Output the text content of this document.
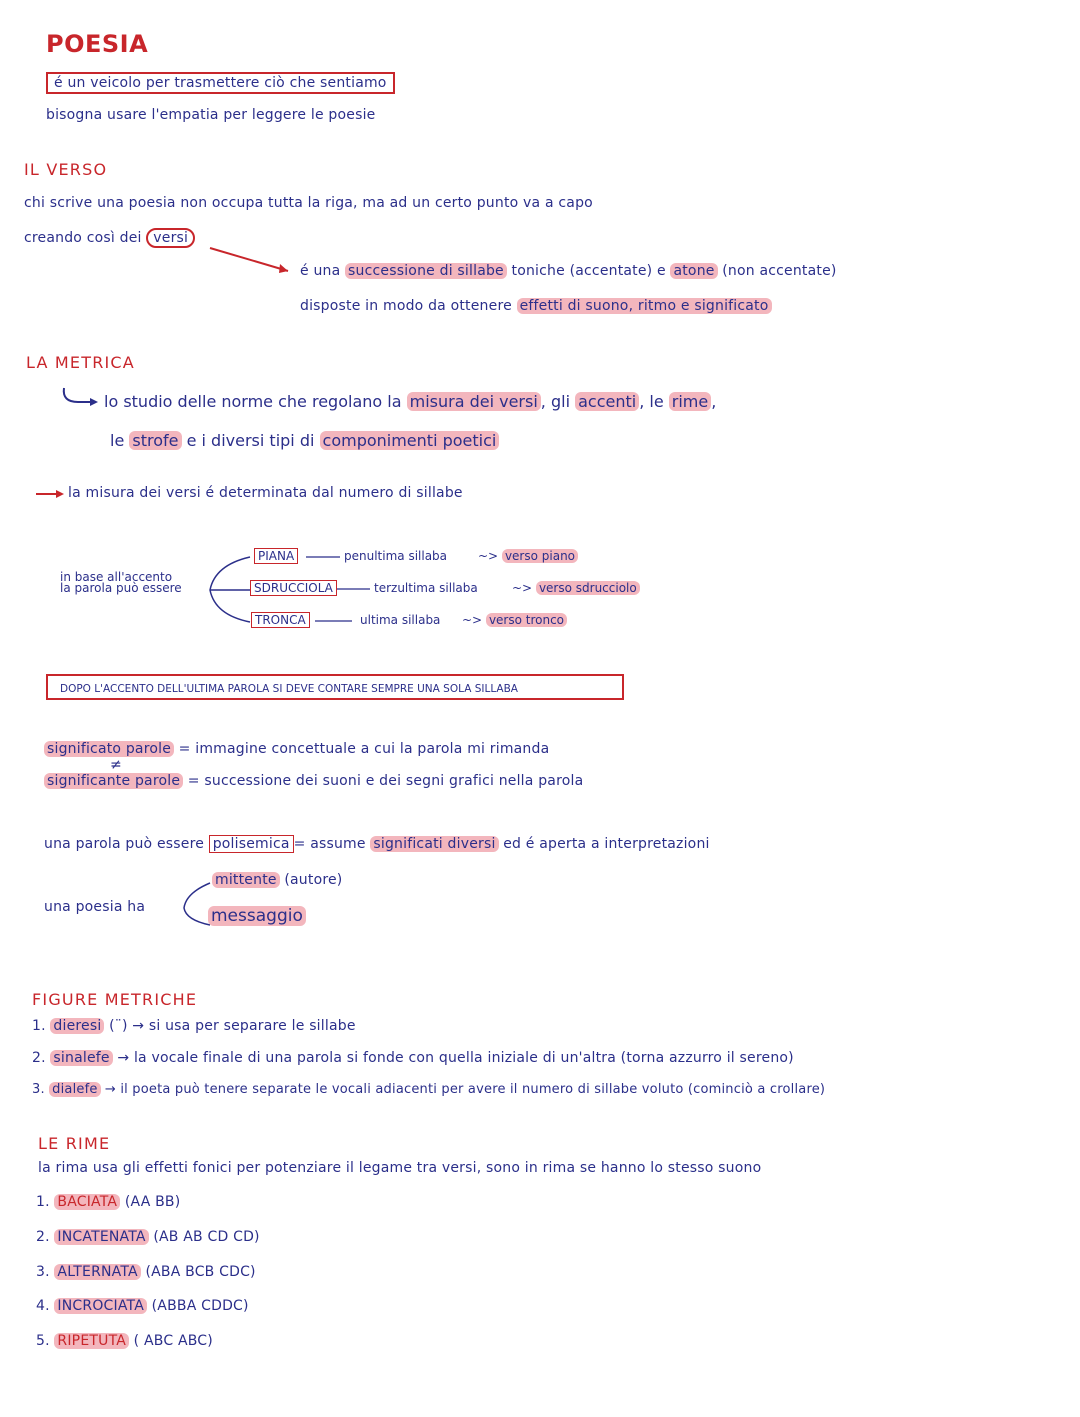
POESIA
é un veicolo per trasmettere ciò che sentiamo
bisogna usare l'empatia per leggere le poesie
IL VERSO
chi scrive una poesia non occupa tutta la riga, ma ad un certo punto va a capo
creando così dei versi
é una successione di sillabe toniche (accentate) e atone (non accentate)
disposte in modo da ottenere effetti di suono, ritmo e significato
LA METRICA
lo studio delle norme che regolano la misura dei versi , gli accenti , le rime ,
le strofe e i diversi tipi di componimenti poetici
la misura dei versi é determinata dal numero di sillabe
in base all'accento
la parola può essere
PIANA	penultima sillaba	~> verso piano
SDRUCCIOLA	terzultima sillaba	~> verso sdrucciolo
TRONCA	ultima sillaba ~> verso tronco
DOPO L'ACCENTO DELL'ULTIMA PAROLA SI DEVE CONTARE SEMPRE UNA SOLA SILLABA
significato parole = immagine concettuale a cui la parola mi rimanda
≠
significante parole = successione dei suoni e dei segni grafici nella parola
una parola può essere polisemica = assume significati diversi ed é aperta a interpretazioni
una poesia ha
mittente (autore)
messaggio
FIGURE METRICHE
1. dieresi (¨) → si usa per separare le sillabe
2. sinalefe → la vocale finale di una parola si fonde con quella iniziale di un'altra (torna azzurro il sereno)
3. dialefe → il poeta può tenere separate le vocali adiacenti per avere il numero di sillabe voluto (cominciò a crollare)
LE RIME
la rima usa gli effetti fonici per potenziare il legame tra versi, sono in rima se hanno lo stesso suono
1. BACIATA (AA BB)
2. INCATENATA (AB AB CD CD)
3. ALTERNATA (ABA BCB CDC)
4. INCROCIATA (ABBA CDDC)
5. RIPETUTA ( ABC ABC)
